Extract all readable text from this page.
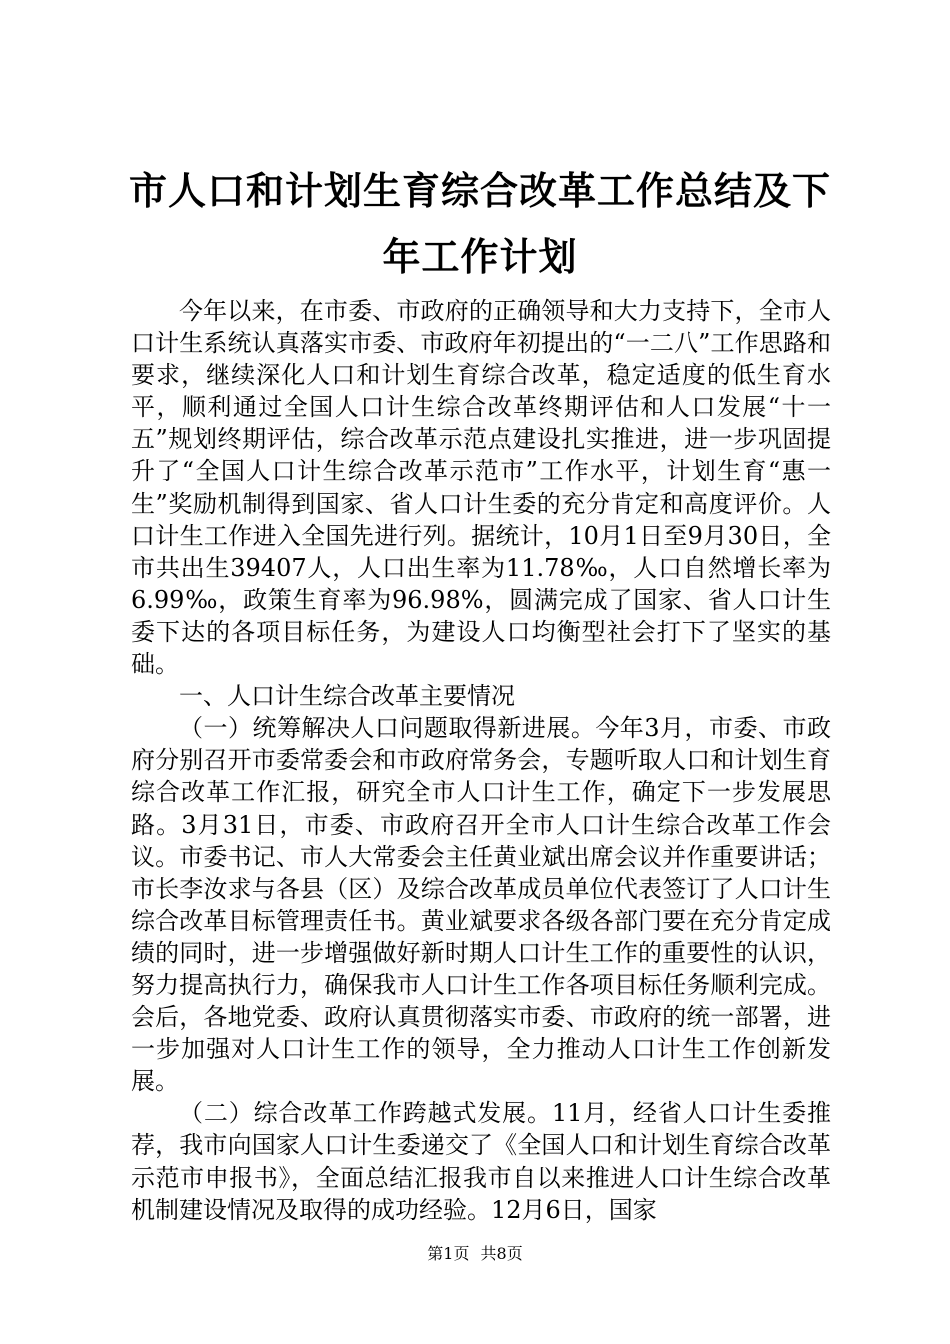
市人口和计划生育综合改革工作总结及下年工作计划

今年以来，在市委、市政府的正确领导和大力支持下，全市人口计生系统认真落实市委、市政府年初提出的“一二八”工作思路和要求，继续深化人口和计划生育综合改革，稳定适度的低生育水平，顺利通过全国人口计生综合改革终期评估和人口发展“十一五”规划终期评估，综合改革示范点建设扎实推进，进一步巩固提升了“全国人口计生综合改革示范市”工作水平，计划生育“惠一生”奖励机制得到国家、省人口计生委的充分肯定和高度评价。人口计生工作进入全国先进行列。据统计，10月1日至9月30日，全市共出生39407人，人口出生率为11.78‰，人口自然增长率为6.99‰，政策生育率为96.98%，圆满完成了国家、省人口计生委下达的各项目标任务，为建设人口均衡型社会打下了坚实的基础。

一、人口计生综合改革主要情况

（一）统筹解决人口问题取得新进展。今年3月，市委、市政府分别召开市委常委会和市政府常务会，专题听取人口和计划生育综合改革工作汇报，研究全市人口计生工作，确定下一步发展思路。3月31日，市委、市政府召开全市人口计生综合改革工作会议。市委书记、市人大常委会主任黄业斌出席会议并作重要讲话；市长李汝求与各县（区）及综合改革成员单位代表签订了人口计生综合改革目标管理责任书。黄业斌要求各级各部门要在充分肯定成绩的同时，进一步增强做好新时期人口计生工作的重要性的认识，努力提高执行力，确保我市人口计生工作各项目标任务顺利完成。会后，各地党委、政府认真贯彻落实市委、市政府的统一部署，进一步加强对人口计生工作的领导，全力推动人口计生工作创新发展。

（二）综合改革工作跨越式发展。11月，经省人口计生委推荐，我市向国家人口计生委递交了《全国人口和计划生育综合改革示范市申报书》，全面总结汇报我市自以来推进人口计生综合改革机制建设情况及取得的成功经验。12月6日，国家

第1页 共8页
